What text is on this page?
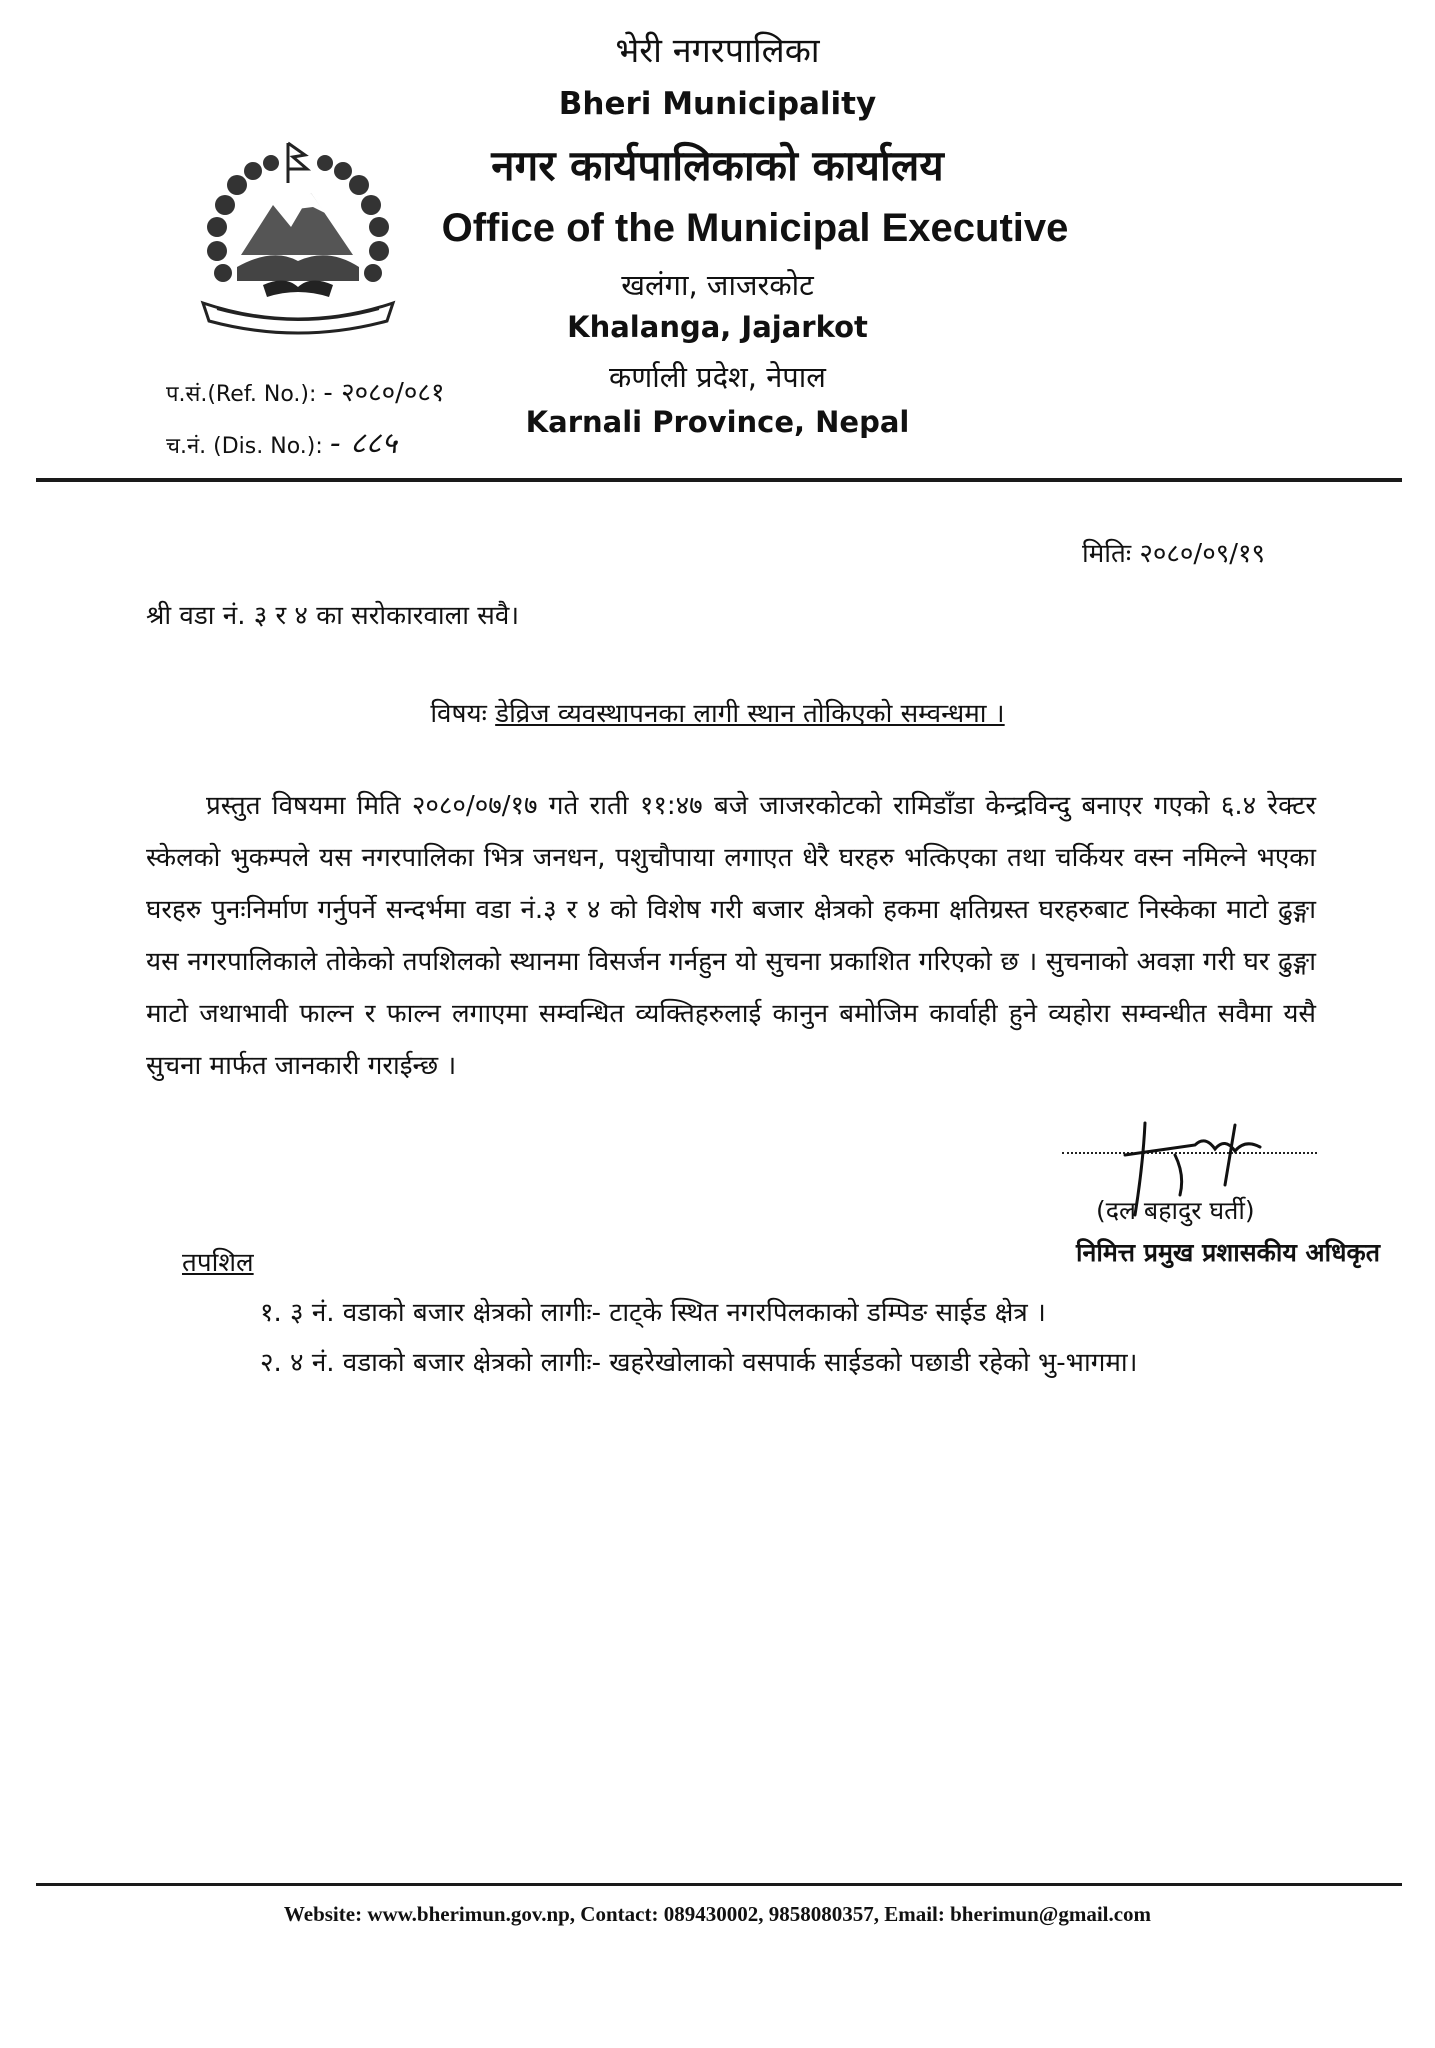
भेरी नगरपालिका
Bheri Municipality
नगर कार्यपालिकाको कार्यालय
Office of the Municipal Executive
खलंगा, जाजरकोट
Khalanga, Jajarkot
कर्णाली प्रदेश, नेपाल
Karnali Province, Nepal
प.सं.(Ref. No.): - २०८०/०८१
च.नं. (Dis. No.): - ८८५
मितिः २०८०/०९/१९
श्री वडा नं. ३ र ४ का सरोकारवाला सवै।
विषयः डेव्रिज व्यवस्थापनका लागी स्थान तोकिएको सम्वन्धमा ।
प्रस्तुत विषयमा मिति २०८०/०७/१७ गते राती ११:४७ बजे जाजरकोटको रामिडाँडा केन्द्रविन्दु बनाएर गएको ६.४ रेक्टर स्केलको भुकम्पले यस नगरपालिका भित्र जनधन, पशुचौपाया लगाएत धेरै घरहरु भत्किएका तथा चर्कियर वस्न नमिल्ने भएका घरहरु पुनःनिर्माण गर्नुपर्ने सन्दर्भमा वडा नं.३ र ४ को विशेष गरी बजार क्षेत्रको हकमा क्षतिग्रस्त घरहरुबाट निस्केका माटो ढुङ्गा यस नगरपालिकाले तोकेको तपशिलको स्थानमा विसर्जन गर्नहुन यो सुचना प्रकाशित गरिएको छ । सुचनाको अवज्ञा गरी घर ढुङ्गा माटो जथाभावी फाल्न र फाल्न लगाएमा सम्वन्धित व्यक्तिहरुलाई कानुन बमोजिम कार्वाही हुने व्यहोरा सम्वन्धीत सवैमा यसै सुचना मार्फत जानकारी गराईन्छ ।
(दल बहादुर घर्ती)
निमित्त प्रमुख प्रशासकीय अधिकृत
तपशिल
१. ३ नं. वडाको बजार क्षेत्रको लागीः- टाट्के स्थित नगरपिलकाको डम्पिङ साईड क्षेत्र ।
२. ४ नं. वडाको बजार क्षेत्रको लागीः- खहरेखोलाको वसपार्क साईडको पछाडी रहेको भु-भागमा।
Website: www.bherimun.gov.np, Contact: 089430002, 9858080357, Email: bherimun@gmail.com
